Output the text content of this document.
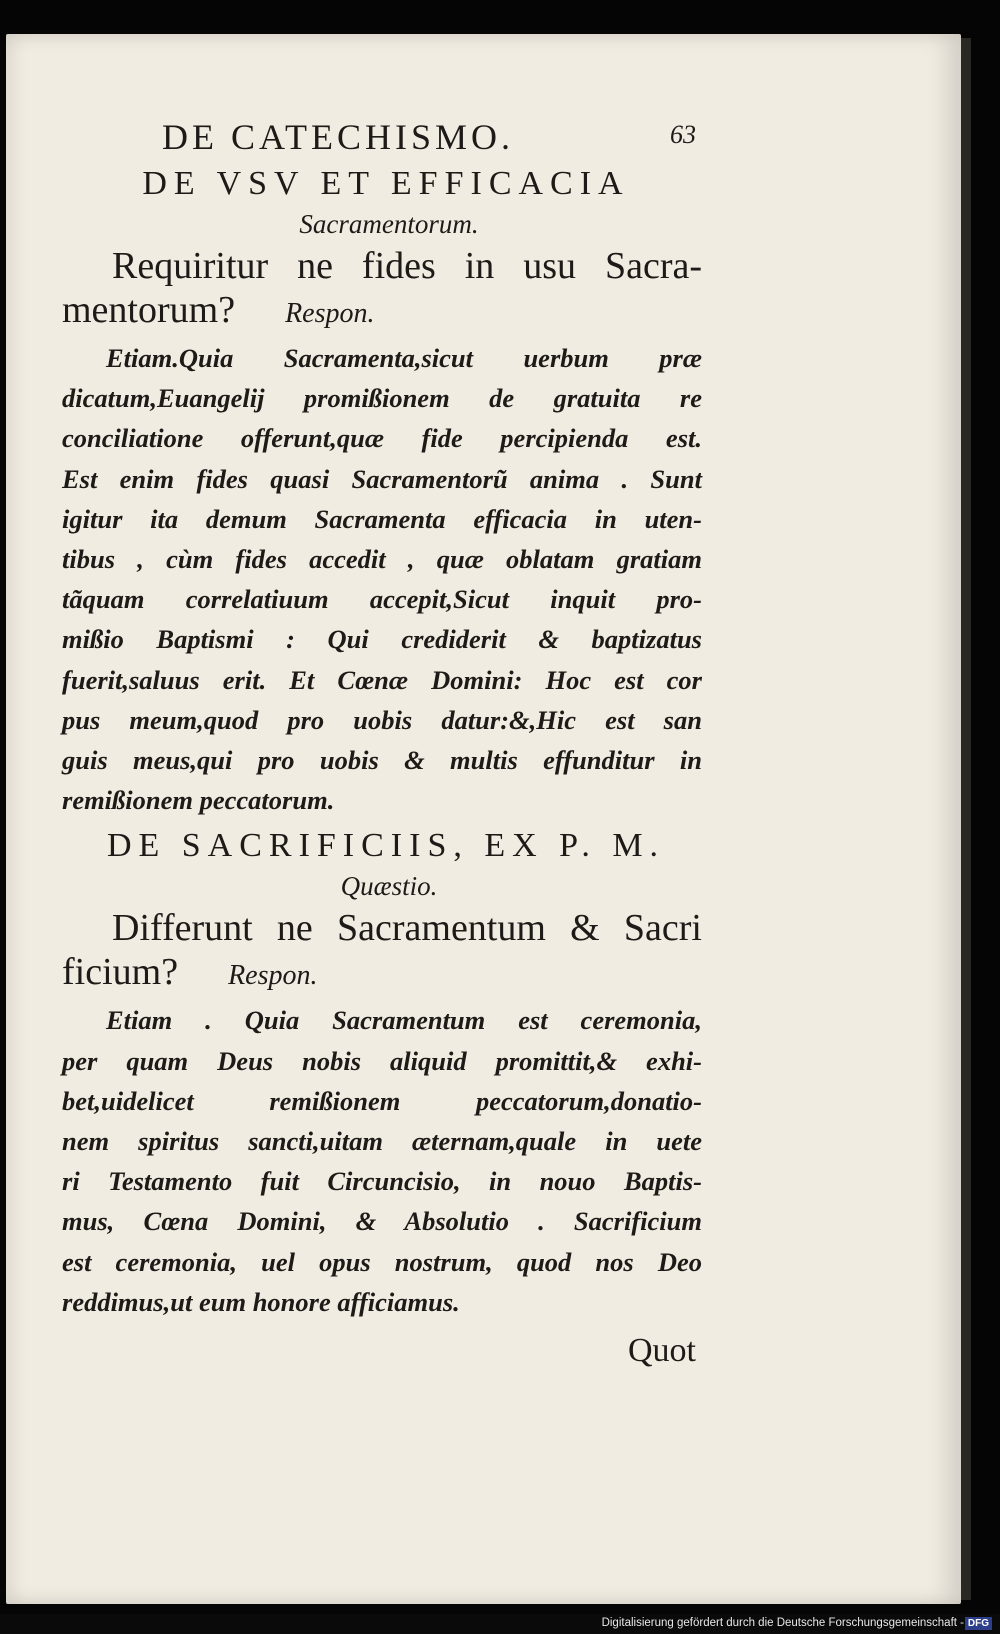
DE CATECHISMO.	63
DE VSV ET EFFICACIA
Sacramentorum.
Requiritur ne fides in usu Sacra-
mentorum? Respon.
Etiam.Quia Sacramenta,sicut uerbum præ
dicatum,Euangelij promißionem de gratuita re
conciliatione offerunt,quæ fide percipienda est.
Est enim fides quasi Sacramentorũ anima . Sunt
igitur ita demum Sacramenta efficacia in uten-
tibus , cùm fides accedit , quæ oblatam gratiam
tãquam correlatiuum accepit,Sicut inquit pro-
mißio Baptismi : Qui crediderit & baptizatus
fuerit,saluus erit. Et Cœnæ Domini: Hoc est cor
pus meum,quod pro uobis datur:&,Hic est san
guis meus,qui pro uobis & multis effunditur in
remißionem peccatorum.
DE SACRIFICIIS, EX P. M.
Quæstio.
Differunt ne Sacramentum & Sacri
ficium? Respon.
Etiam . Quia Sacramentum est ceremonia,
per quam Deus nobis aliquid promittit,& exhi-
bet,uidelicet remißionem peccatorum,donatio-
nem spiritus sancti,uitam æternam,quale in uete
ri Testamento fuit Circuncisio, in nouo Baptis-
mus, Cœna Domini, & Absolutio . Sacrificium
est ceremonia, uel opus nostrum, quod nos Deo
reddimus,ut eum honore afficiamus.
Quot
Digitalisierung gefördert durch die Deutsche Forschungsgemeinschaft - DFG
